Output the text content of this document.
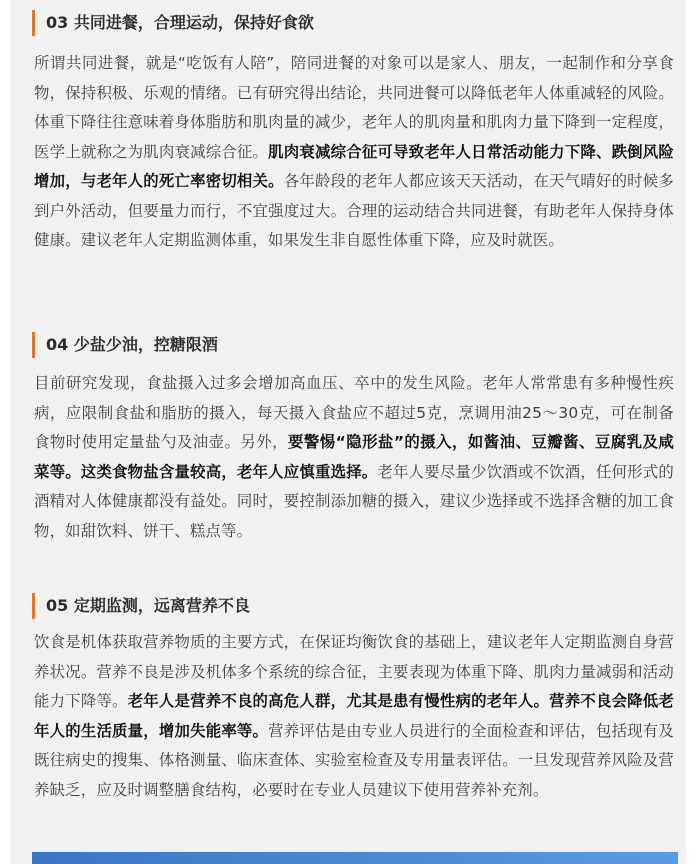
03 共同进餐，合理运动，保持好食欲

所谓共同进餐，就是“吃饭有人陪”，陪同进餐的对象可以是家人、朋友，一起制作和分享食物，保持积极、乐观的情绪。已有研究得出结论，共同进餐可以降低老年人体重减轻的风险。体重下降往往意味着身体脂肪和肌肉量的减少，老年人的肌肉量和肌肉力量下降到一定程度，医学上就称之为肌肉衰减综合征。肌肉衰减综合征可导致老年人日常活动能力下降、跌倒风险增加，与老年人的死亡率密切相关。各年龄段的老年人都应该天天活动，在天气晴好的时候多到户外活动，但要量力而行，不宜强度过大。合理的运动结合共同进餐，有助老年人保持身体健康。建议老年人定期监测体重，如果发生非自愿性体重下降，应及时就医。

04 少盐少油，控糖限酒

目前研究发现，食盐摄入过多会增加高血压、卒中的发生风险。老年人常常患有多种慢性疾病，应限制食盐和脂肪的摄入，每天摄入食盐应不超过5克，烹调用油25～30克，可在制备食物时使用定量盐勺及油壶。另外，要警惕“隐形盐”的摄入，如酱油、豆瓣酱、豆腐乳及咸菜等。这类食物盐含量较高，老年人应慎重选择。老年人要尽量少饮酒或不饮酒，任何形式的酒精对人体健康都没有益处。同时，要控制添加糖的摄入，建议少选择或不选择含糖的加工食物，如甜饮料、饼干、糕点等。

05 定期监测，远离营养不良

饮食是机体获取营养物质的主要方式，在保证均衡饮食的基础上，建议老年人定期监测自身营养状况。营养不良是涉及机体多个系统的综合征，主要表现为体重下降、肌肉力量减弱和活动能力下降等。老年人是营养不良的高危人群，尤其是患有慢性病的老年人。营养不良会降低老年人的生活质量，增加失能率等。营养评估是由专业人员进行的全面检查和评估，包括现有及既往病史的搜集、体格测量、临床查体、实验室检查及专用量表评估。一旦发现营养风险及营养缺乏，应及时调整膳食结构，必要时在专业人员建议下使用营养补充剂。
